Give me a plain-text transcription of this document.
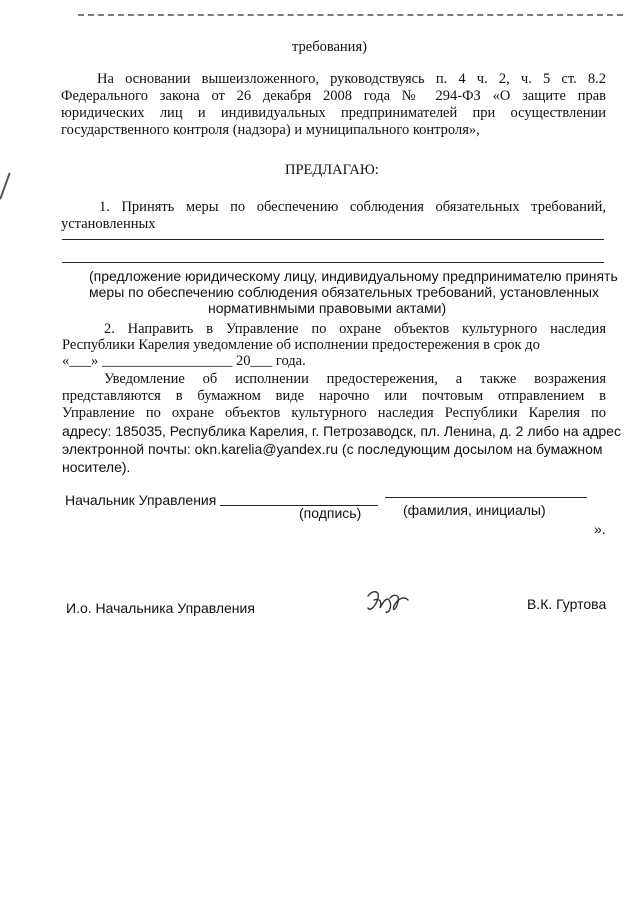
требования)
На основании вышеизложенного, руководствуясь п. 4 ч. 2, ч. 5 ст. 8.2
Федерального закона от 26 декабря 2008 года № 294-ФЗ «О защите прав
юридических лиц и индивидуальных предпринимателей при осуществлении
государственного контроля (надзора) и муниципального контроля»,
ПРЕДЛАГАЮ:
1. Принять меры по обеспечению соблюдения обязательных требований,
установленных
(предложение юридическому лицу, индивидуальному предпринимателю принять
меры по обеспечению соблюдения обязательных требований, установленных
нормативнмыми правовыми актами)
2. Направить в Управление по охране объектов культурного наследия
Республики Карелия уведомление об исполнении предостережения в срок до
«___» __________________ 20___ года.
Уведомление об исполнении предостережения, а также возражения
представляются в бумажном виде нарочно или почтовым отправлением в
Управление по охране объектов культурного наследия Республики Карелия по
адресу: 185035, Республика Карелия, г. Петрозаводск, пл. Ленина, д. 2 либо на адрес
электронной почты: okn.karelia@yandex.ru (с последующим досылом на бумажном
носителе).
Начальник Управления
(подпись)	(фамилия, инициалы)
».
И.о. Начальника Управления	В.К. Гуртова
